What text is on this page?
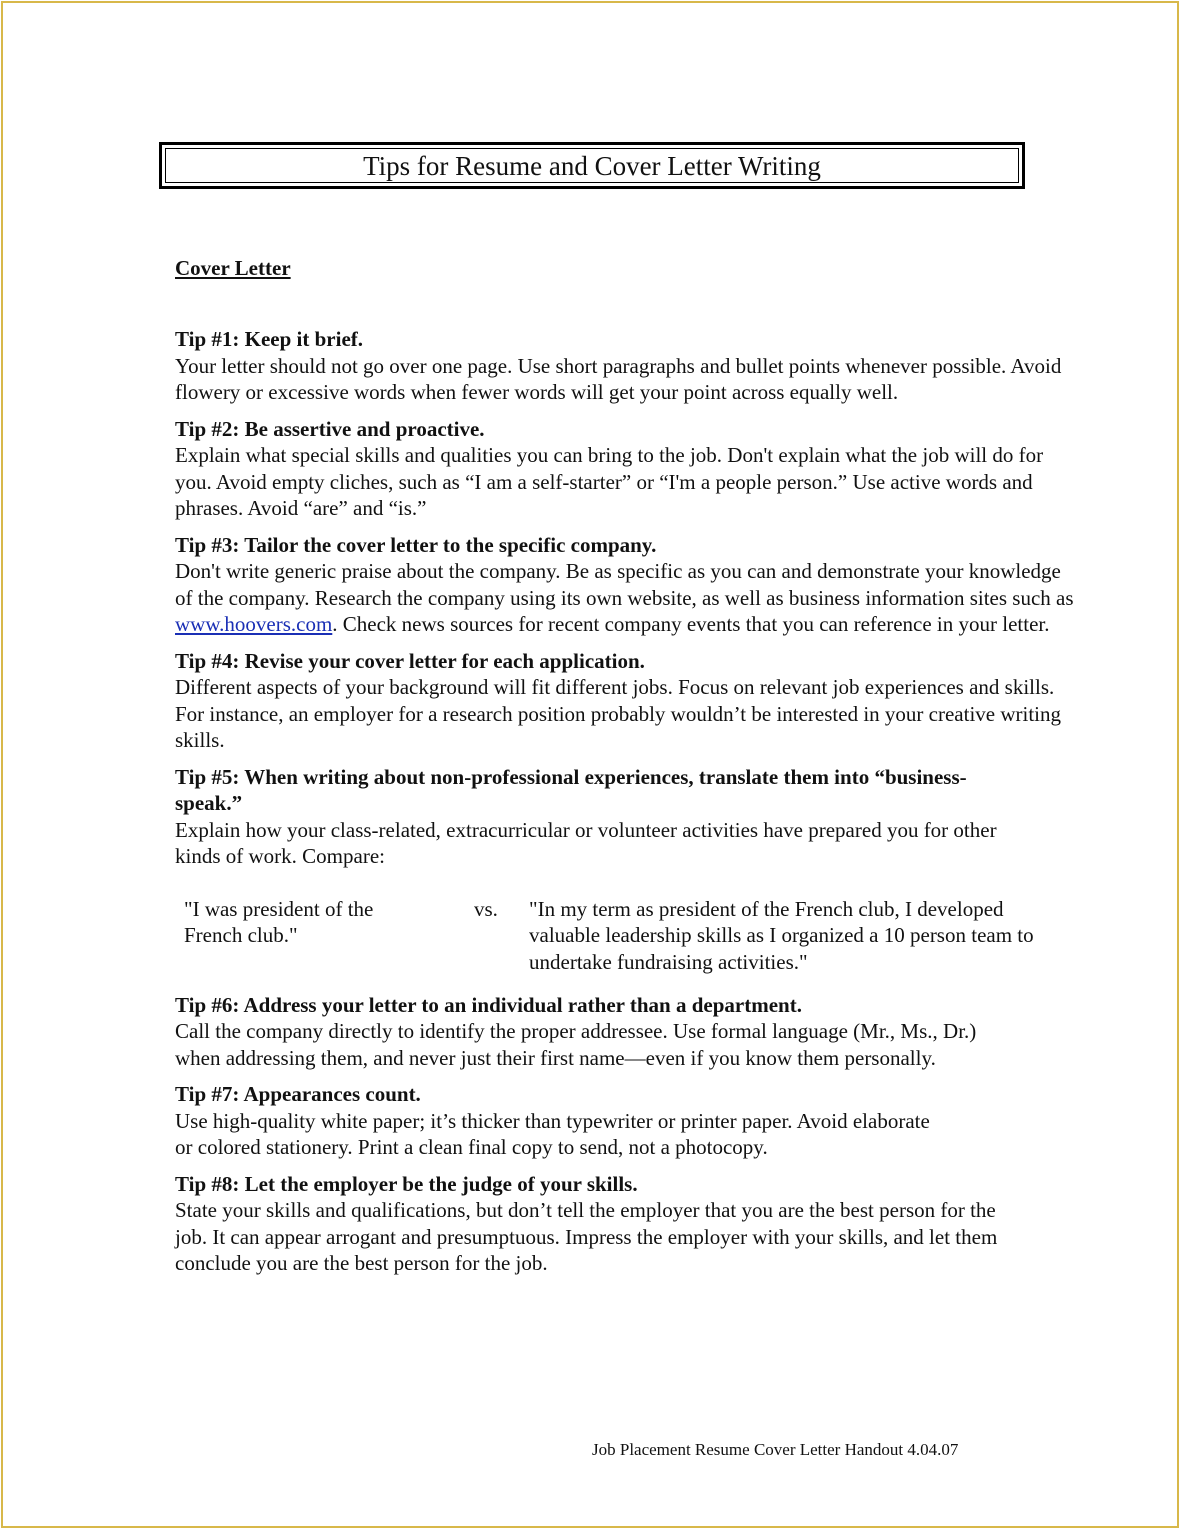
Tips for Resume and Cover Letter Writing
Cover Letter
Tip #1: Keep it brief.
Your letter should not go over one page. Use short paragraphs and bullet points whenever possible. Avoid flowery or excessive words when fewer words will get your point across equally well.
Tip #2: Be assertive and proactive.
Explain what special skills and qualities you can bring to the job. Don't explain what the job will do for you. Avoid empty cliches, such as “I am a self-starter” or “I'm a people person.” Use active words and phrases. Avoid “are” and “is.”
Tip #3: Tailor the cover letter to the specific company.
Don't write generic praise about the company. Be as specific as you can and demonstrate your knowledge of the company. Research the company using its own website, as well as business information sites such as www.hoovers.com. Check news sources for recent company events that you can reference in your letter.
Tip #4: Revise your cover letter for each application.
Different aspects of your background will fit different jobs. Focus on relevant job experiences and skills. For instance, an employer for a research position probably wouldn’t be interested in your creative writing skills.
Tip #5: When writing about non-professional experiences, translate them into “business- speak.”
Explain how your class-related, extracurricular or volunteer activities have prepared you for other kinds of work. Compare:
"I was president of the French club."
vs. "In my term as president of the French club, I developed valuable leadership skills as I organized a 10 person team to undertake fundraising activities."
Tip #6: Address your letter to an individual rather than a department.
Call the company directly to identify the proper addressee. Use formal language (Mr., Ms., Dr.) when addressing them, and never just their first name—even if you know them personally.
Tip #7: Appearances count.
Use high-quality white paper; it’s thicker than typewriter or printer paper. Avoid elaborate or colored stationery. Print a clean final copy to send, not a photocopy.
Tip #8: Let the employer be the judge of your skills.
State your skills and qualifications, but don’t tell the employer that you are the best person for the job. It can appear arrogant and presumptuous. Impress the employer with your skills, and let them conclude you are the best person for the job.
Job Placement Resume Cover Letter Handout 4.04.07
